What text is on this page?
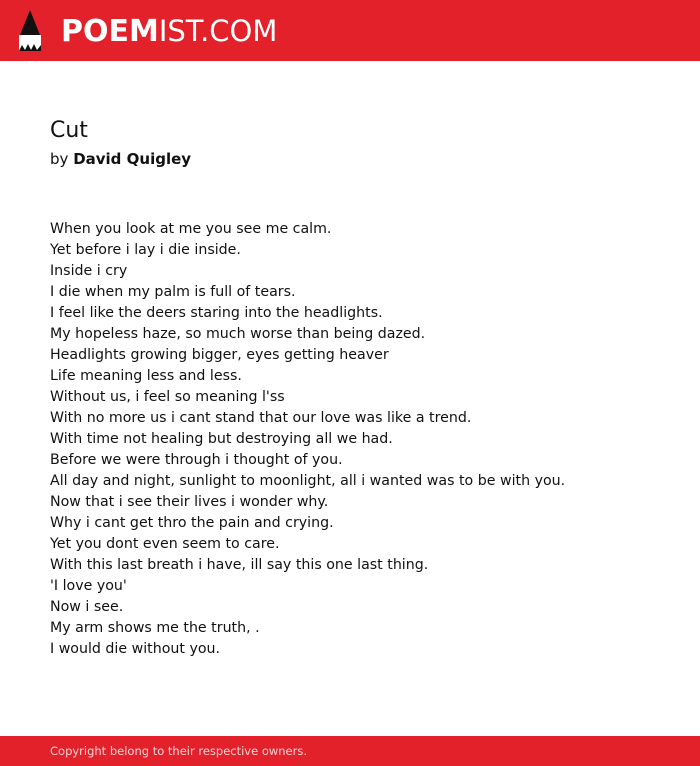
POEMIST.COM
Cut
by David Quigley
When you look at me you see me calm.
Yet before i lay i die inside.
Inside i cry
I die when my palm is full of tears.
I feel like the deers staring into the headlights.
My hopeless haze, so much worse than being dazed.
Headlights growing bigger, eyes getting heaver
Life meaning less and less.
Without us, i feel so meaning l'ss
With no more us i cant stand that our love was like a trend.
With time not healing but destroying all we had.
Before we were through i thought of you.
All day and night, sunlight to moonlight, all i wanted was to be with you.
Now that i see their lives i wonder why.
Why i cant get thro the pain and crying.
Yet you dont even seem to care.
With this last breath i have, ill say this one last thing.
'I love you'
Now i see.
My arm shows me the truth, .
I would die without you.
Copyright belong to their respective owners.
